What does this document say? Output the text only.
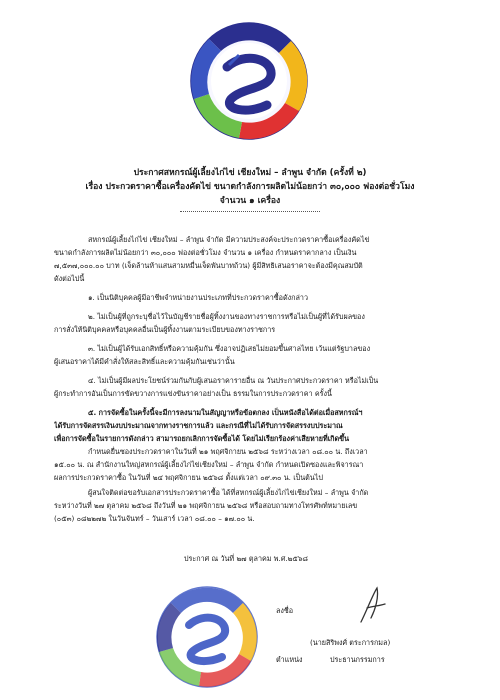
ประกาศสหกรณ์ผู้เลี้ยงไก่ไข่ เชียงใหม่ – ลำพูน จำกัด (ครั้งที่ ๒)
เรื่อง ประกวดราคาซื้อเครื่องคัดไข่ ขนาดกำลังการผลิตไม่น้อยกว่า ๓๐,๐๐๐ ฟองต่อชั่วโมง
จำนวน ๑ เครื่อง

สหกรณ์ผู้เลี้ยงไก่ไข่ เชียงใหม่ – ลำพูน จำกัด มีความประสงค์จะประกวดราคาซื้อเครื่องคัดไข่

ขนาดกำลังการผลิตไม่น้อยกว่า ๓๐,๐๐๐ ฟองต่อชั่วโมง จำนวน ๑ เครื่อง กำหนดราคากลาง เป็นเงิน

๗,๕๓๗,๐๐๐.๐๐ บาท (เจ็ดล้านห้าแสนสามหมื่นเจ็ดพันบาทถ้วน) ผู้มีสิทธิเสนอราคาจะต้องมีคุณสมบัติ

ดังต่อไปนี้

๑. เป็นนิติบุคคลผู้มีอาชีพจำหน่ายงานประเภทที่ประกวดราคาซื้อดังกล่าว

๒. ไม่เป็นผู้ที่ถูกระบุชื่อไว้ในบัญชีรายชื่อผู้ทิ้งงานของทางราชการหรือไม่เป็นผู้ที่ได้รับผลของ

การสั่งให้นิติบุคคลหรือบุคคลอื่นเป็นผู้ทิ้งงานตามระเบียบของทางราชการ

๓. ไม่เป็นผู้ได้รับเอกสิทธิ์หรือความคุ้มกัน ซึ่งอาจปฏิเสธไม่ยอมขึ้นศาลไทย เว้นแต่รัฐบาลของ

ผู้เสนอราคาได้มีคำสั่งให้สละสิทธิ์และความคุ้มกันเช่นว่านั้น

๔. ไม่เป็นผู้มีผลประโยชน์ร่วมกันกับผู้เสนอราคารายอื่น ณ วันประกาศประกวดราคา หรือไม่เป็น

ผู้กระทำการอันเป็นการขัดขวางการแข่งขันราคาอย่างเป็น ธรรมในการประกวดราคา ครั้งนี้

๕. การจัดซื้อในครั้งนี้จะมีการลงนามในสัญญาหรือข้อตกลง เป็นหนังสือได้ต่อเมื่อสหกรณ์ฯ

ได้รับการจัดสรรเงินงบประมาณจากทางราชการแล้ว และกรณีที่ไม่ได้รับการจัดสรรงบประมาณ

เพื่อการจัดซื้อในรายการดังกล่าว สามารถยกเลิกการจัดซื้อได้ โดยไม่เรียกร้องค่าเสียหายที่เกิดขึ้น

กำหนดยื่นซองประกวดราคาในวันที่ ๒๑ พฤศจิกายน ๒๕๖๘ ระหว่างเวลา ๐๘.๐๐ น. ถึงเวลา

๑๕.๐๐ น. ณ สำนักงานใหญ่สหกรณ์ผู้เลี้ยงไก่ไข่เชียงใหม่ – ลำพูน จำกัด กำหนดเปิดซองและพิจารณา

ผลการประกวดราคาซื้อ ในวันที่ ๒๔ พฤศจิกายน ๒๕๖๘ ตั้งแต่เวลา ๐๙.๓๐ น. เป็นต้นไป

ผู้สนใจติดต่อขอรับเอกสารประกวดราคาซื้อ ได้ที่สหกรณ์ผู้เลี้ยงไก่ไข่เชียงใหม่ – ลำพูน จำกัด

ระหว่างวันที่ ๒๗ ตุลาคม ๒๕๖๘ ถึงวันที่ ๒๑ พฤศจิกายน ๒๕๖๘ หรือสอบถามทางโทรศัพท์หมายเลข

(๐๕๓) ๐๘๒๒๗๒ ในวันจันทร์ – วันเสาร์ เวลา ๐๘.๐๐ – ๑๗.๐๐ น.

ประกาศ ณ วันที่ ๒๗ ตุลาคม พ.ศ.๒๕๖๘
ลงชื่อ
(นายสิริพงศ์ ตระการกมล)
ตำแหน่ง	ประธานกรรมการ
